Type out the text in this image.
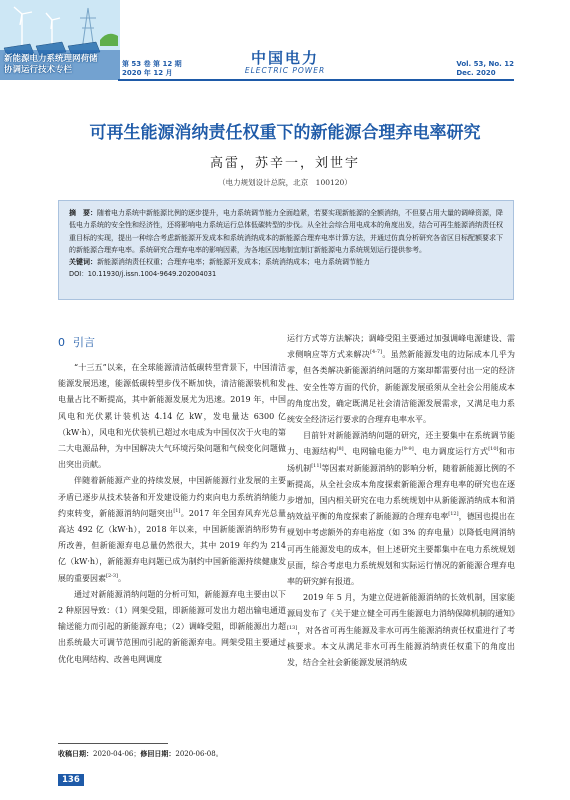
新能源电力系统理网荷储
协调运行技术专栏
第 53 卷 第 12 期
2020 年 12 月
中国电力
ELECTRIC POWER
Vol. 53, No. 12
Dec. 2020
可再生能源消纳责任权重下的新能源合理弃电率研究
高雷，苏辛一，刘世宇
（电力规划设计总院，北京　100120）

摘　要：随着电力系统中新能源比例的逐步提升，电力系统调节能力全面趋紧，若要实现新能源的全额消纳，不但要占用大量的调峰资源，降低电力系统的安全性和经济性，还将影响电力系统运行总体低碳转型的步伐。从全社会综合用电成本的角度出发，结合可再生能源消纳责任权重目标的实现，提出一种综合考虑新能源开发成本和系统消纳成本的新能源合理弃电率计算方法，并通过仿真分析研究各省区目标配额要求下的新能源合理弃电率。系统研究合理弃电率的影响因素，为各地区因地制宜制订新能源电力系统规划运行提供参考。

关键词：新能源消纳责任权重；合理弃电率；新能源开发成本；系统消纳成本；电力系统调节能力

DOI：10.11930/j.issn.1004-9649.202004031

0 引言

“十三五”以来，在全球能源清洁低碳转型背景下，中国清洁能源发展迅速，能源低碳转型步伐不断加快，清洁能源装机和发电量占比不断提高，其中新能源发展尤为迅速。2019 年，中国风电和光伏累计装机达 4.14 亿 kW，发电量达 6300 亿（kW·h），风电和光伏装机已超过水电成为中国仅次于火电的第二大电源品种，为中国解决大气环境污染问题和气候变化问题做出突出贡献。

伴随着新能源产业的持续发展，中国新能源行业发展的主要矛盾已逐步从技术装备和开发建设能力约束向电力系统消纳能力约束转变，新能源消纳问题突出[1]。2017 年全国弃风弃光总量高达 492 亿（kW·h），2018 年以来，中国新能源消纳形势有所改善，但新能源弃电总量仍然很大，其中 2019 年约为 214 亿（kW·h），新能源弃电问题已成为制约中国新能源持续健康发展的重要因素[2-3]。

通过对新能源消纳问题的分析可知，新能源弃电主要由以下 2 种原因导致：（1）网架受阻，即新能源可发出力超出输电通道输送能力而引起的新能源弃电；（2）调峰受阻，即新能源出力超出系统最大可调节范围而引起的新能源弃电。网架受阻主要通过优化电网结构、改善电网调度

运行方式等方法解决；调峰受阻主要通过加强调峰电源建设、需求侧响应等方式来解决[4-7]。虽然新能源发电的边际成本几乎为零，但各类解决新能源消纳问题的方案却都需要付出一定的经济性、安全性等方面的代价，新能源发展亟须从全社会公用能成本的角度出发，确定既满足社会清洁能源发展需求，又满足电力系统安全经济运行要求的合理弃电率水平。

目前针对新能源消纳问题的研究，还主要集中在系统调节能力、电源结构[8]、电网输电能力[9-9]、电力调度运行方式[10]和市场机制[11]等因素对新能源消纳的影响分析，随着新能源比例的不断提高，从全社会成本角度探索新能源合理弃电率的研究也在逐步增加，国内相关研究在电力系统规划中从新能源消纳成本和消纳效益平衡的角度探索了新能源的合理弃电率[12]，德国也提出在规划中考虑额外的弃电裕度（如 3% 的弃电量）以降低电网消纳可再生能源发电的成本，但上述研究主要都集中在电力系统规划层面，综合考虑电力系统规划和实际运行情况的新能源合理弃电率的研究鲜有报道。

2019 年 5 月，为建立促进新能源消纳的长效机制，国家能源局发布了《关于建立健全可再生能源电力消纳保障机制的通知》[13]，对各省可再生能源及非水可再生能源消纳责任权重进行了考核要求。本文从满足非水可再生能源消纳责任权重下的角度出发，结合全社会新能源发展消纳成

收稿日期：2020-04-06；修回日期：2020-06-08。
136
